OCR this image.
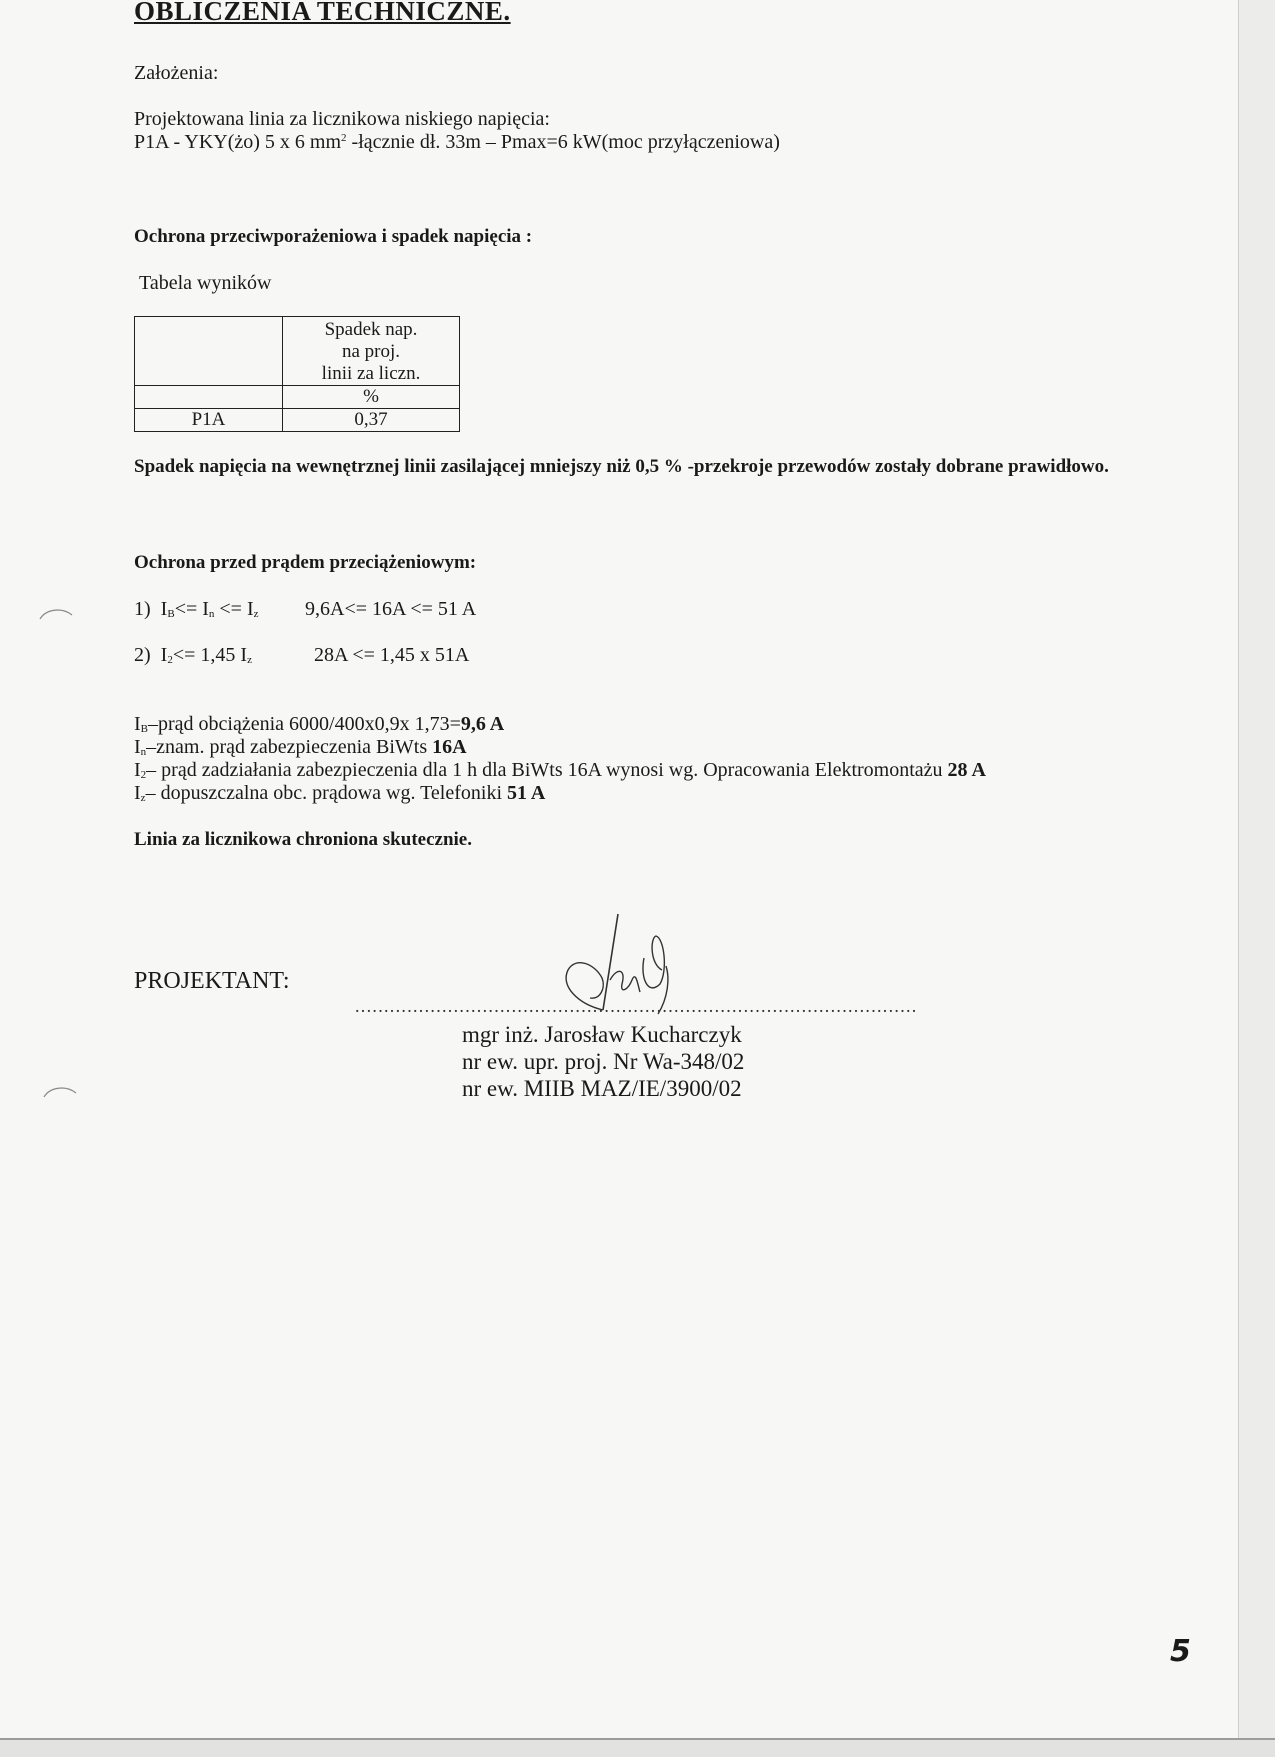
OBLICZENIA TECHNICZNE.
Założenia:
Projektowana linia za licznikowa niskiego napięcia:
P1A - YKY(żo) 5 x 6 $mm^2$ -łącznie dł. 33m – Pmax=6 kW(moc przyłączeniowa)
Ochrona przeciwporażeniowa i spadek napięcia :
Tabela wyników

	Spadek nap.
na proj.
linii za liczn.

	%
P1A	0,37
Spadek napięcia na wewnętrznej linii zasilającej mniejszy niż 0,5 % -przekroje przewodów zostały dobrane prawidłowo.
Ochrona przed prądem przeciążeniowym:
1) $I_B<= I_n <= I_z$ 9,6A<= 16A <= 51 A
2) $I_2<= 1,45$ $I_z$	28A <= 1,45 x 51A
$I_B$–prąd obciążenia 6000/400x0,9x 1,73=9,6 A
$I_n$–znam. prąd zabezpieczenia BiWts 16A
$I_2-$ prąd zadziałania zabezpieczenia dla 1 h dla BiWts 16A wynosi wg. Opracowania Elektromontażu 28 A
$I_z-$ dopuszczalna obc. prądowa wg. Telefoniki 51 A
Linia za licznikowa chroniona skutecznie.
PROJEKTANT:
.................................................................................................
mgr inż. Jarosław Kucharczyk
nr ew. upr. proj. Nr Wa-348/02
nr ew. MIIB MAZ/IE/3900/02
5
